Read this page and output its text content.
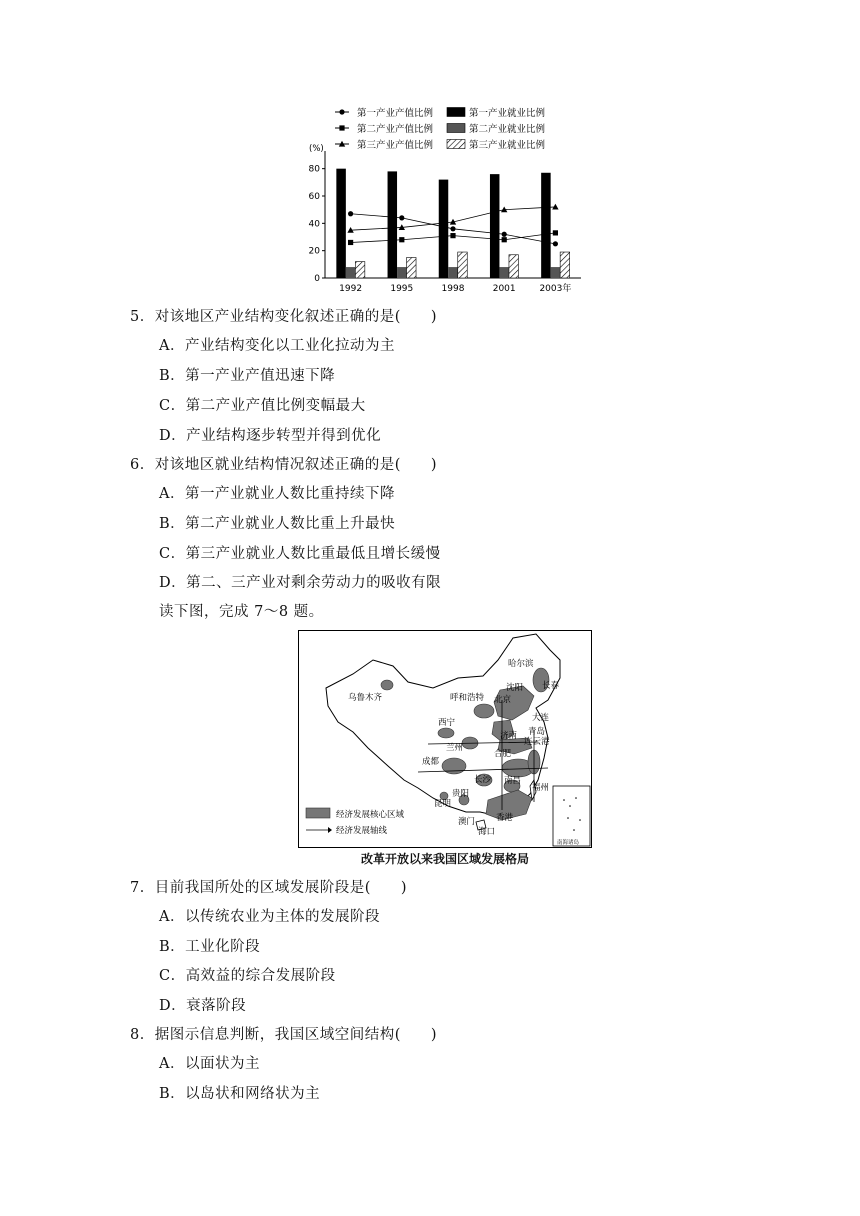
第一产业产值比例	第一产业就业比例
第二产业产值比例	第二产业就业比例
第三产业产值比例	第三产业就业比例
(%)
0
20
40
60
80
1992	1995	1998	2001	2003年
5．对该地区产业结构变化叙述正确的是(　　)
A．产业结构变化以工业化拉动为主
B．第一产业产值迅速下降
C．第二产业产值比例变幅最大
D．产业结构逐步转型并得到优化
6．对该地区就业结构情况叙述正确的是(　　)
A．第一产业就业人数比重持续下降
B．第二产业就业人数比重上升最快
C．第三产业就业人数比重最低且增长缓慢
D．第二、三产业对剩余劳动力的吸收有限
读下图，完成 7～8 题。
乌鲁木齐	呼和浩特
哈尔滨
长春
沈阳
北京
大连
西宁
兰州
济南 青岛
连云港
成都
合肥
长沙 南昌
福州
昆明
贵阳
澳门 香港
海口
经济发展核心区域
经济发展轴线
南海诸岛
改革开放以来我国区域发展格局
7．目前我国所处的区域发展阶段是(　　)
A．以传统农业为主体的发展阶段
B．工业化阶段
C．高效益的综合发展阶段
D．衰落阶段
8．据图示信息判断，我国区域空间结构(　　)
A．以面状为主
B．以岛状和网络状为主
